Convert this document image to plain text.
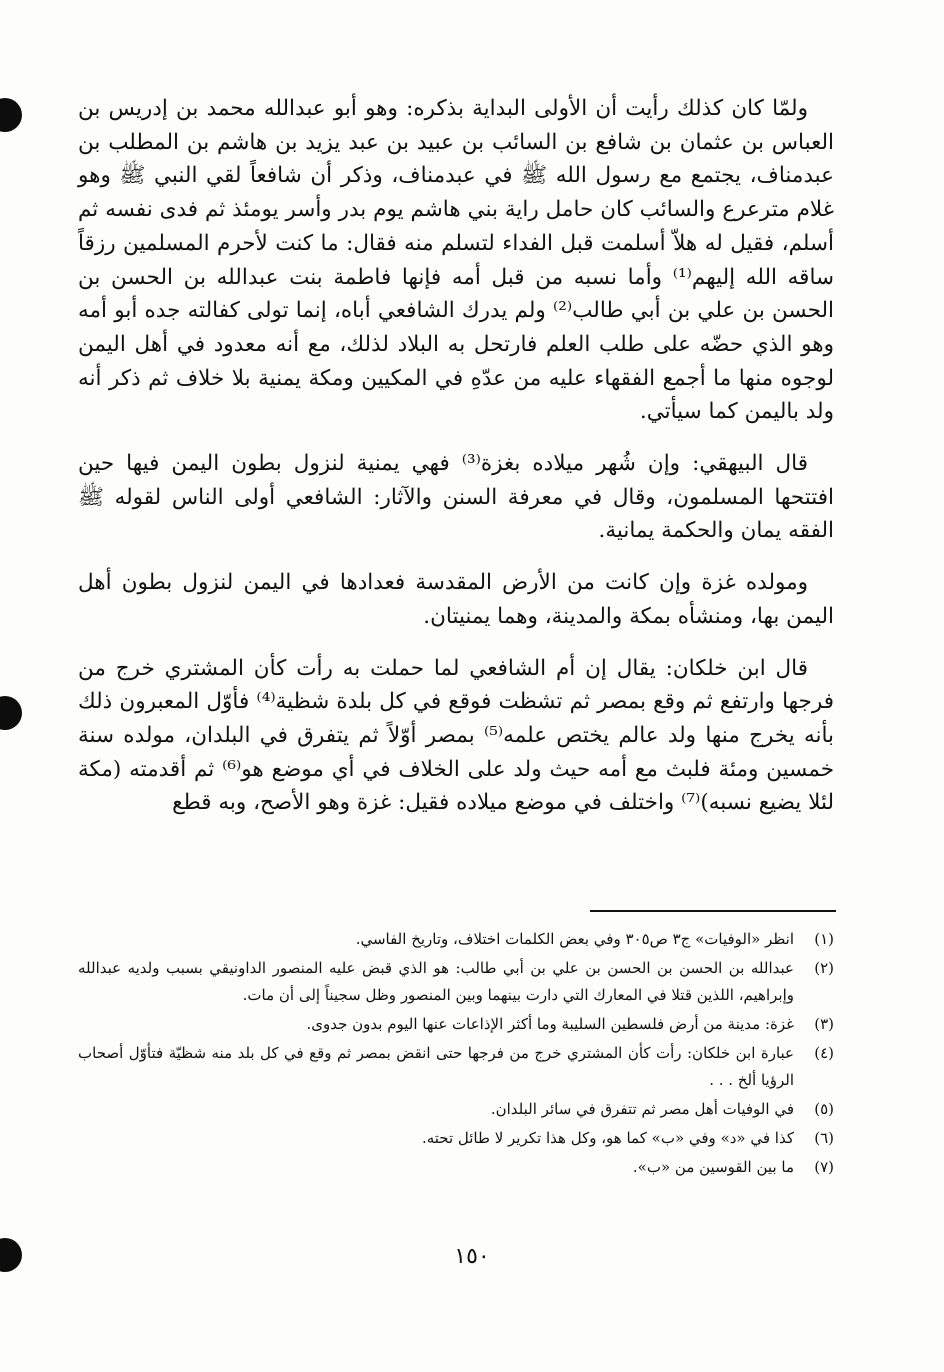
ولمّا كان كذلك رأيت أن الأولى البداية بذكره: وهو أبو عبدالله محمد بن إدريس بن العباس بن عثمان بن شافع بن السائب بن عبيد بن عبد يزيد بن هاشم بن المطلب بن عبدمناف، يجتمع مع رسول الله ﷺ في عبدمناف، وذكر أن شافعاً لقي النبي ﷺ وهو غلام مترعرع والسائب كان حامل راية بني هاشم يوم بدر وأسر يومئذ ثم فدى نفسه ثم أسلم، فقيل له هلاّ أسلمت قبل الفداء لتسلم منه فقال: ما كنت لأحرم المسلمين رزقاً ساقه الله إليهم⁽¹⁾ وأما نسبه من قبل أمه فإنها فاطمة بنت عبدالله بن الحسن بن الحسن بن علي بن أبي طالب⁽²⁾ ولم يدرك الشافعي أباه، إنما تولى كفالته جده أبو أمه وهو الذي حضّه على طلب العلم فارتحل به البلاد لذلك، مع أنه معدود في أهل اليمن لوجوه منها ما أجمع الفقهاء عليه من عدّهِ في المكيين ومكة يمنية بلا خلاف ثم ذكر أنه ولد باليمن كما سيأتي.

قال البيهقي: وإن شُهر ميلاده بغزة⁽³⁾ فهي يمنية لنزول بطون اليمن فيها حين افتتحها المسلمون، وقال في معرفة السنن والآثار: الشافعي أولى الناس لقوله ﷺ الفقه يمان والحكمة يمانية.

ومولده غزة وإن كانت من الأرض المقدسة فعدادها في اليمن لنزول بطون أهل اليمن بها، ومنشأه بمكة والمدينة، وهما يمنيتان.

قال ابن خلكان: يقال إن أم الشافعي لما حملت به رأت كأن المشتري خرج من فرجها وارتفع ثم وقع بمصر ثم تشظت فوقع في كل بلدة شظية⁽⁴⁾ فأوّل المعبرون ذلك بأنه يخرج منها ولد عالم يختص علمه⁽⁵⁾ بمصر أوّلاً ثم يتفرق في البلدان، مولده سنة خمسين ومئة فلبث مع أمه حيث ولد على الخلاف في أي موضع هو⁽⁶⁾ ثم أقدمته (مكة لئلا يضيع نسبه)⁽⁷⁾ واختلف في موضع ميلاده فقيل: غزة وهو الأصح، وبه قطع

(١)
انظر «الوفيات» ج٣ ص٣٠٥ وفي بعض الكلمات اختلاف، وتاريخ الفاسي.
(٢)
عبدالله بن الحسن بن الحسن بن علي بن أبي طالب: هو الذي قبض عليه المنصور الداونيقي بسبب ولديه عبدالله وإبراهيم، اللذين قتلا في المعارك التي دارت بينهما وبين المنصور وظل سجيناً إلى أن مات.
(٣)
غزة: مدينة من أرض فلسطين السليبة وما أكثر الإذاعات عنها اليوم بدون جدوى.
(٤)
عبارة ابن خلكان: رأت كأن المشتري خرج من فرجها حتى انقض بمصر ثم وقع في كل بلد منه شظيّة فتأوّل أصحاب الرؤيا ألخ . . .
(٥)
في الوفيات أهل مصر ثم تتفرق في سائر البلدان.
(٦)
كذا في «د» وفي «ب» كما هو، وكل هذا تكرير لا طائل تحته.
(٧)
ما بين القوسين من «ب».
١٥٠
